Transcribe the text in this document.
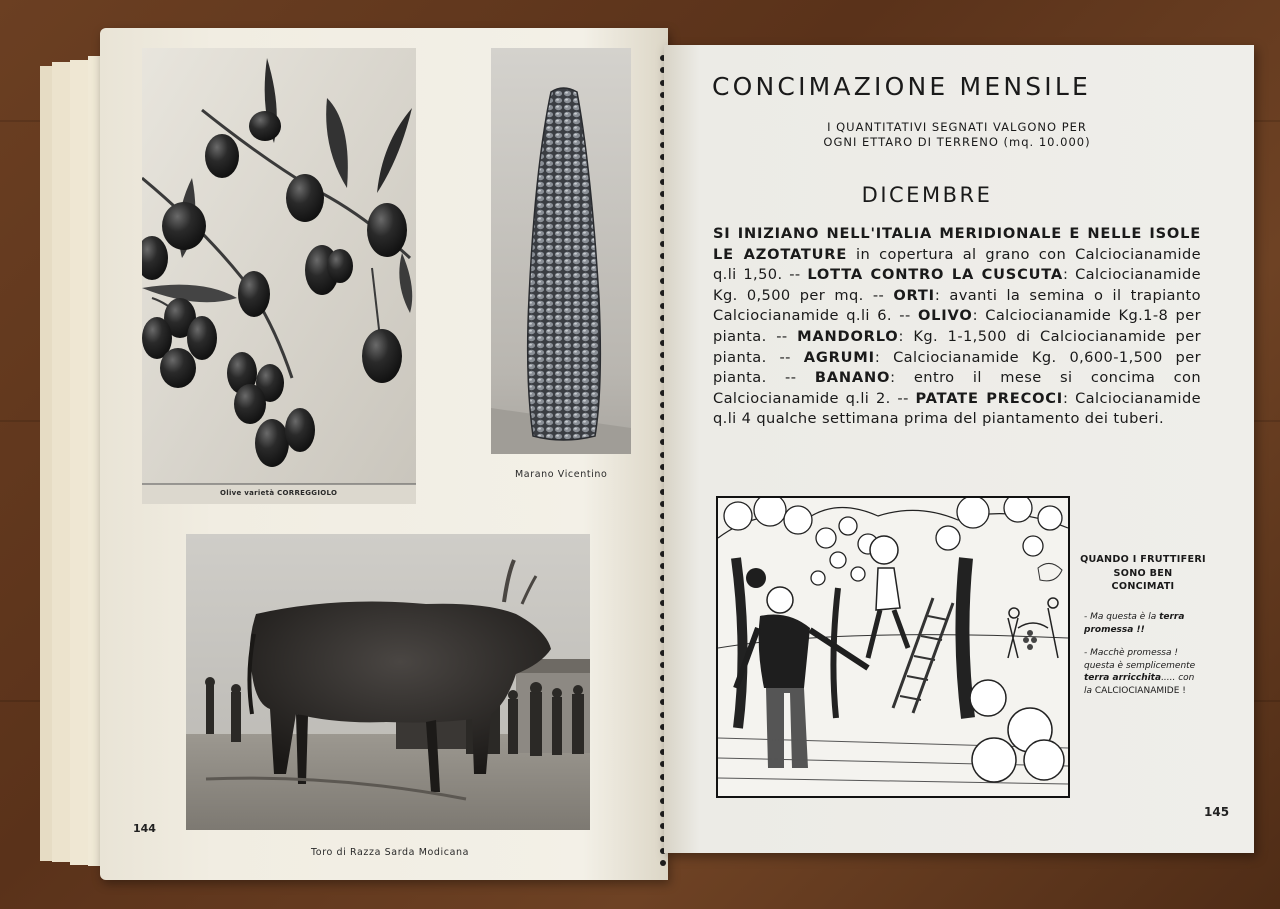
Olive varietà CORREGGIOLO
Marano Vicentino
Toro di Razza Sarda Modicana
144
CONCIMAZIONE MENSILE
I QUANTITATIVI SEGNATI VALGONO PER
OGNI ETTARO DI TERRENO (mq. 10.000)
DICEMBRE
SI INIZIANO NELL'ITALIA MERIDIONALE E NELLE ISOLE LE AZOTATURE in copertura al grano con Calciocianamide q.li 1,50. -- LOTTA CONTRO LA CUSCUTA: Calciocianamide Kg. 0,500 per mq. -- ORTI: avanti la semina o il trapianto Calciocianamide q.li 6. -- OLIVO: Calciocianamide Kg.1-8 per pianta. -- MANDORLO: Kg. 1-1,500 di Calciocianamide per pianta. -- AGRUMI: Calciocianamide Kg. 0,600-1,500 per pianta. -- BANANO: entro il mese si concima con Calciocianamide q.li 2. -- PATATE PRECOCI: Calciocianamide q.li 4 qualche settimana prima del piantamento dei tuberi.
QUANDO I FRUTTIFERI
SONO BEN
CONCIMATI
- Ma questa è la terra promessa !!
- Macchè promessa ! questa è semplicemente terra arricchita..... con la CALCIOCIANAMIDE !
145
